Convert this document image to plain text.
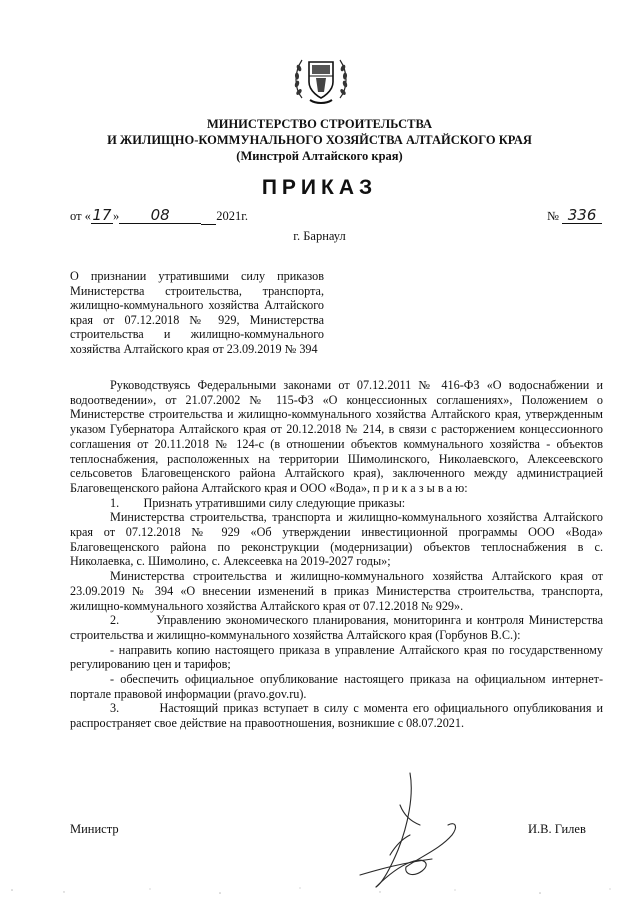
МИНИСТЕРСТВО СТРОИТЕЛЬСТВА
И ЖИЛИЩНО-КОММУНАЛЬНОГО ХОЗЯЙСТВА АЛТАЙСКОГО КРАЯ
(Минстрой Алтайского края)
ПРИКАЗ
от «17» 08	2021г.	№ 336
г. Барнаул
О признании утратившими силу приказов Министерства строительства, транспорта, жилищно-коммунального хозяйства Алтайского края от 07.12.2018 № 929, Министерства строительства и жилищно-коммунального хозяйства Алтайского края от 23.09.2019 № 394

Руководствуясь Федеральными законами от 07.12.2011 № 416-ФЗ «О водоснабжении и водоотведении», от 21.07.2002 № 115-ФЗ «О концессионных соглашениях», Положением о Министерстве строительства и жилищно-коммунального хозяйства Алтайского края, утвержденным указом Губернатора Алтайского края от 20.12.2018 № 214, в связи с расторжением концессионного соглашения от 20.11.2018 № 124-с (в отношении объектов коммунального хозяйства - объектов теплоснабжения, расположенных на территории Шимолинского, Николаевского, Алексеевского сельсоветов Благовещенского района Алтайского края), заключенного между администрацией Благовещенского района Алтайского края и ООО «Вода», п р и к а з ы в а ю:

1.        Признать утратившими силу следующие приказы:

Министерства строительства, транспорта и жилищно-коммунального хозяйства Алтайского края от 07.12.2018 № 929 «Об утверждении инвестиционной программы ООО «Вода» Благовещенского района по реконструкции (модернизации) объектов теплоснабжения в с. Николаевка, с. Шимолино, с. Алексеевка на 2019-2027 годы»;

Министерства строительства и жилищно-коммунального хозяйства Алтайского края от 23.09.2019 № 394 «О внесении изменений в приказ Министерства строительства, транспорта, жилищно-коммунального хозяйства Алтайского края от 07.12.2018 № 929».

2.        Управлению экономического планирования, мониторинга и контроля Министерства строительства и жилищно-коммунального хозяйства Алтайского края (Горбунов В.С.):

- направить копию настоящего приказа в управление Алтайского края по государственному регулированию цен и тарифов;

- обеспечить официальное опубликование настоящего приказа на официальном интернет-портале правовой информации (pravo.gov.ru).

3.        Настоящий приказ вступает в силу с момента его официального опубликования и распространяет свое действие на правоотношения, возникшие с 08.07.2021.

Министр	И.В. Гилев
